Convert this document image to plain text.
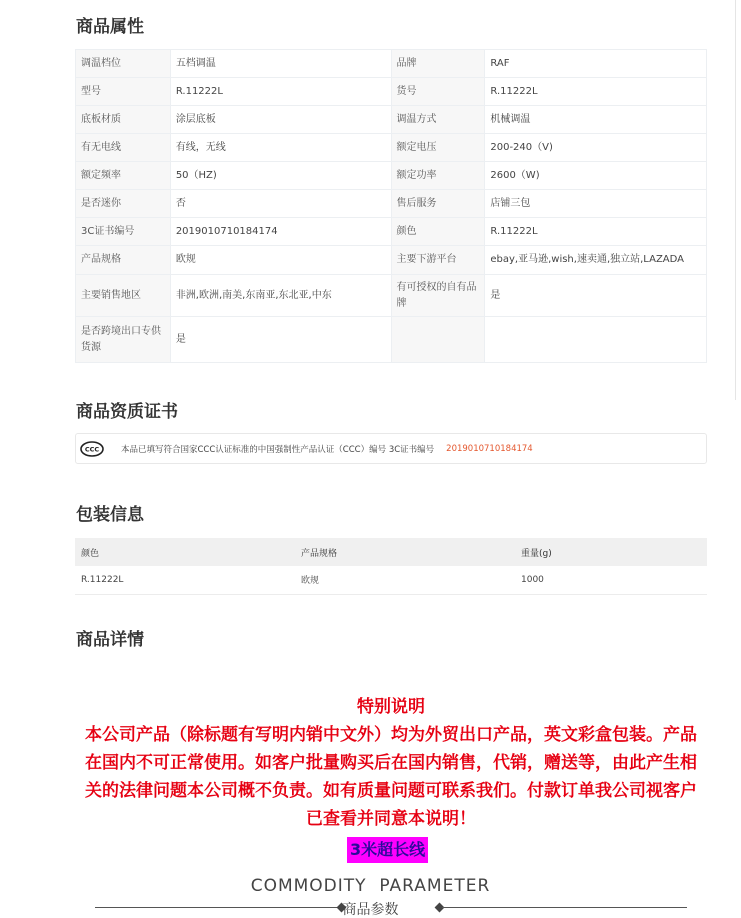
商品属性
调温档位	五档调温	品牌	RAF
型号	R.11222L	货号	R.11222L
底板材质	涂层底板	调温方式	机械调温
有无电线	有线，无线	额定电压	200-240（V)
额定频率	50（HZ)	额定功率	2600（W)
是否迷你	否	售后服务	店铺三包
3C证书编号	2019010710184174	颜色	R.11222L
产品规格	欧规	主要下游平台	ebay,亚马逊,wish,速卖通,独立站,LAZADA
主要销售地区	非洲,欧洲,南美,东南亚,东北亚,中东	有可授权的自有品牌	是
是否跨境出口专供货源	是		
商品资质证书
CCC	本品已填写符合国家CCC认证标准的中国强制性产品认证（CCC）编号 3C证书编号 2019010710184174
包装信息
颜色	产品规格	重量(g)
R.11222L	欧规	1000
商品详情
特别说明
本公司产品（除标题有写明内销中文外）均为外贸出口产品，英文彩盒包装。产品在国内不可正常使用。如客户批量购买后在国内销售，代销，赠送等，由此产生相关的法律问题本公司概不负责。如有质量问题可联系我们。付款订单我公司视客户已查看并同意本说明！
3米超长线
COMMODITY  PARAMETER
商品参数
